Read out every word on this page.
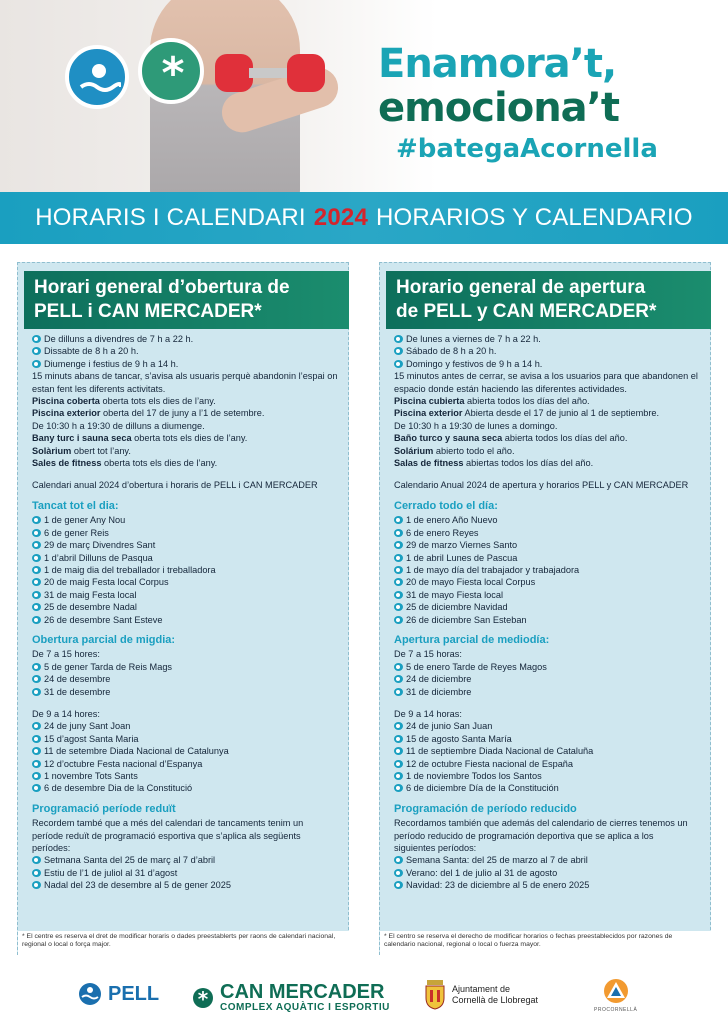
*	Enamora’t,
emociona’t
#bategaAcornella
HORARIS I CALENDARI 2024 HORARIOS Y CALENDARIO
Horari general d’obertura de
PELL i CAN MERCADER*
De dilluns a divendres de 7 h a 22 h.
Dissabte de 8 h a 20 h.
Diumenge i festius de 9 h a 14 h.
15 minuts abans de tancar, s’avisa als usuaris perquè abandonin l’espai on
estan fent les diferents activitats.
Piscina coberta oberta tots els dies de l’any.
Piscina exterior oberta del 17 de juny a l’1 de setembre.
De 10:30 h a 19:30 de dilluns a diumenge.
Bany turc i sauna seca oberta tots els dies de l’any.
Solàrium obert tot l’any.
Sales de fitness oberta tots els dies de l’any.
Calendari anual 2024 d’obertura i horaris de PELL i CAN MERCADER
Tancat tot el dia:
1 de gener Any Nou
6 de gener Reis
29 de març Divendres Sant
1 d’abril Dilluns de Pasqua
1 de maig dia del treballador i treballadora
20 de maig Festa local Corpus
31 de maig Festa local
25 de desembre Nadal
26 de desembre Sant Esteve
Obertura parcial de migdia:
De 7 a 15 hores:
5 de gener Tarda de Reis Mags
24 de desembre
31 de desembre
De 9 a 14 hores:
24 de juny Sant Joan
15 d’agost Santa Maria
11 de setembre Diada Nacional de Catalunya
12 d’octubre Festa nacional d’Espanya
1 novembre Tots Sants
6 de desembre Dia de la Constitució
Programació període reduït
Recordem també que a més del calendari de tancaments tenim un
període reduït de programació esportiva que s’aplica als següents
períodes:
Setmana Santa del 25 de març al 7 d’abril
Estiu de l’1 de juliol al 31 d’agost
Nadal del 23 de desembre al 5 de gener 2025
* El centre es reserva el dret de modificar horaris o dades preestablerts per raons de calendari nacional,
regional o local o força major.
Horario general de apertura
de PELL y CAN MERCADER*
De lunes a viernes de 7 h a 22 h.
Sábado de 8 h a 20 h.
Domingo y festivos de 9 h a 14 h.
15 minutos antes de cerrar, se avisa a los usuarios para que abandonen el
espacio donde están haciendo las diferentes actividades.
Piscina cubierta abierta todos los días del año.
Piscina exterior Abierta desde el 17 de junio al 1 de septiembre.
De 10:30 h a 19:30 de lunes a domingo.
Baño turco y sauna seca abierta todos los días del año.
Solárium abierto todo el año.
Salas de fitness abiertas todos los días del año.
Calendario Anual 2024 de apertura y horarios PELL y CAN MERCADER
Cerrado todo el día:
1 de enero Año Nuevo
6 de enero Reyes
29 de marzo Viernes Santo
1 de abril Lunes de Pascua
1 de mayo día del trabajador y trabajadora
20 de mayo Fiesta local Corpus
31 de mayo Fiesta local
25 de diciembre Navidad
26 de diciembre San Esteban
Apertura parcial de mediodía:
De 7 a 15 horas:
5 de enero Tarde de Reyes Magos
24 de diciembre
31 de diciembre
De 9 a 14 horas:
24 de junio San Juan
15 de agosto Santa María
11 de septiembre Diada Nacional de Cataluña
12 de octubre Fiesta nacional de España
1 de noviembre Todos los Santos
6 de diciembre Día de la Constitución
Programación de período reducido
Recordamos también que además del calendario de cierres tenemos un
período reducido de programación deportiva que se aplica a los
siguientes períodos:
Semana Santa: del 25 de marzo al 7 de abril
Verano: del 1 de julio al 31 de agosto
Navidad: 23 de diciembre al 5 de enero 2025
* El centro se reserva el derecho de modificar horarios o fechas preestablecidos por razones de
calendario nacional, regional o local o fuerza mayor.
PELL * CAN MERCADER
COMPLEX AQUÀTIC I ESPORTIU
Ajuntament de
Cornellà de Llobregat
PROCORNELLÀ
